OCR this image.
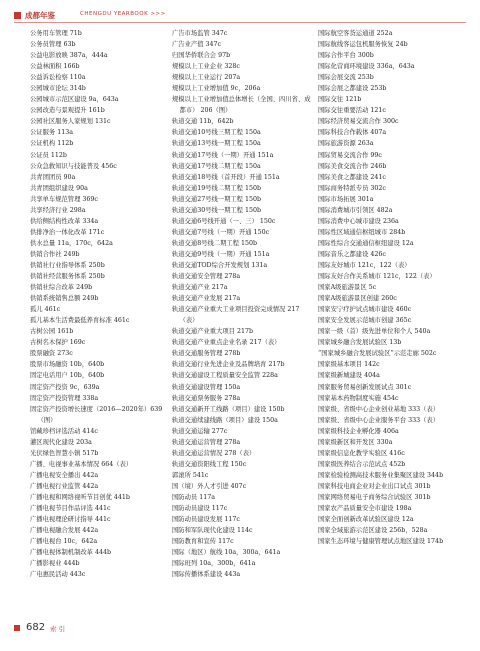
成都年鉴	CHENGDU YEARBOOK >>>
公务用车管理 71b
公务员管理 63b
公益电影放映 387a，444a
公益林面积 166b
公益诉讼检察 110a
公园城市论坛 314b
公园城市示范区建设 9a，643a
公园改造与景观提升 161b
公园社区服务人家规划 131c
公证服务 113a
公证机构 112b
公证员 112b
公众急救知识与技能普及 456c
共青团团员 90a
共青团组织建设 90a
共享单车规范管理 369c
共享经济行业 298a
供给侧结构性改革 334a
供排净治一体化改革 171c
供水总量 11a，170c，642a
供销合作社 249b
供销社行业指导体系 250b
供销社经营服务体系 250b
供销社综合改革 249b
供销系统销售总额 249b
孤儿 461c
孤儿基本生活费最低养育标准 461c
古树公园 161b
古树名木保护 169c
股票融资 273c
股票市场融资 10b，640b
固定电话用户 10b，640b
固定资产投资 9c，639a
固定资产投资管理 338a
固定资产投资增长速度（2016—2020年）639（图）
馆藏珍档评选活动 414c
灌区现代化建设 203a
光伏绿色智慧小镇 517b
广播、电视事业基本情况 664（表）
广播电视安全播出 442a
广播电视行业监管 442a
广播电视和网络视听节目创优 441b
广播电视节目作品评选 441c
广播电视理论研讨指导 441c
广播电视融合发展 442a
广播电视台 10c，642a
广播电视体制机制改革 444b
广播影视业 444b
广电惠民活动 443c
广告市场监管 347c
广告业产值 347c
归国华侨联合会 97b
规模以上工业企业 328c
规模以上工业运行 207a
规模以上工业增加值 9c，206a
规模以上工业增加值总体增长（全国、四川省、成都市） 206（图）
轨道交通 11b，642b
轨道交通10号线三期工程 150a
轨道交通13号线一期工程 150a
轨道交通17号线（一期）开通 151a
轨道交通17号线二期工程 150a
轨道交通18号线（首开段）开通 151a
轨道交通19号线二期工程 150b
轨道交通27号线一期工程 150b
轨道交通30号线一期工程 150b
轨道交通6号线开通（一、三） 150c
轨道交通7号线（一期）开通 150c
轨道交通8号线二期工程 150b
轨道交通9号线（一期）开通 151a
轨道交通TOD综合开发规划 131a
轨道交通安全管理 278a
轨道交通产业 217a
轨道交通产业发展 217a
轨道交通产业重大工业项目投资完成情况 217（表）
轨道交通产业重大项目 217b
轨道交通产业重点企业名录 217（表）
轨道交通服务管理 278b
轨道交通行业先进企业及品牌培育 217b
轨道交通建设工程质量安全监管 228a
轨道交通建设管理 150a
轨道交通票务服务 278a
轨道交通新开工线路（项目）建设 150b
轨道交通续建线路（项目）建设 150a
轨道交通运输 277c
轨道交通运营管理 278a
轨道交通运营情况 278（表）
轨道交通资阳线工程 150c
郭滚所 541c
国（境）外人才引进 407c
国防动员 117a
国防动员建设 117c
国防动员建设发展 117c
国防和军队现代化建设 114c
国防教育和宣传 117c
国际（地区）航线 10a，300a，641a
国际班列 10a，300b，641a
国际传播体系建设 443a
国际航空客货运通道 252a
国际航线客运包机服务恢复 24b
国际合作平台 300b
国际化营商环境建设 336a，643a
国际会展交流 253b
国际会展之都建设 253b
国际交往 121b
国际交往重要活动 121c
国际经济贸易交流合作 300c
国际科技合作载体 407a
国际旅游资源 263a
国际贸易交流合作 99c
国际美食交流合作 246b
国际美食之都建设 241c
国际商务特派专员 302c
国际市场拓展 301a
国际消费城市引领区 482a
国际消费中心城市建设 236a
国际性区域通信枢纽城市 284b
国际性综合交通通信枢纽建设 12a
国际音乐之都建设 426c
国际友好城市 121c，122（表）
国际友好合作关系城市 121c，122（表）
国家A级旅游景区 5c
国家A级旅游景区创建 260c
国家安宁疗护试点城市建设 460c
国家安全发展示范城市创建 365c
国家一级（首）级先进单位和个人 540a
国家城乡融合发展试验区 13b
“国家城乡融合发展试验区”示范走廊 502c
国家级基本项目 142c
国家级新城建设 404a
国家服务贸易创新发展试点 301c
国家基本药物制度实施 454c
国家级、省级中心企业创业基地 333（表）
国家级、省级中心企业服务平台 333（表）
国家级科技企业孵化器 406a
国家级新区和开发区 330a
国家级信息化教学实验区 416c
国家级医养结合示范试点 452b
国家检验检测高技术服务业集聚区建设 344b
国家科技电商企业对企业出口试点 301b
国家网络贸易电子商务综合试验区 301b
国家农产品质量安全市建设 198a
国家全面创新改革试验区建设 12a
国家全域旅游示范区建设 256b，528a
国家生态环境与健康管理试点地区建设 174b
682 索 引
